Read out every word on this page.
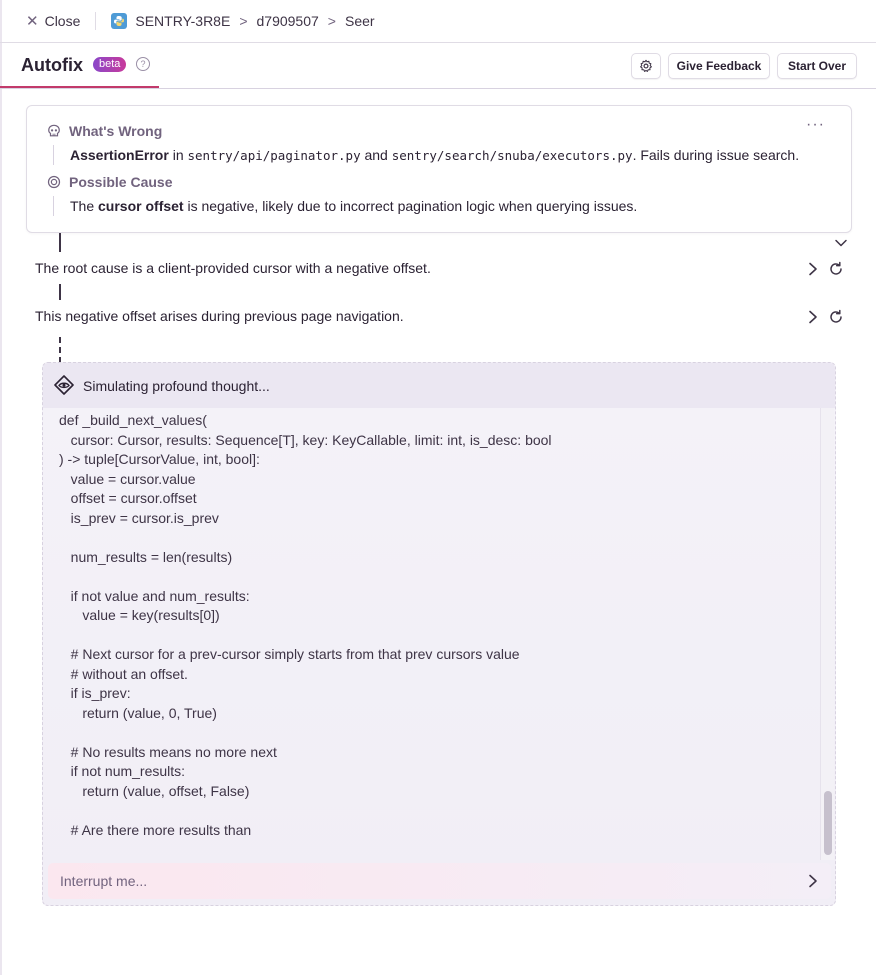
✕ Close	SENTRY-3R8E > d7909507 > Seer
Autofix	beta	?	Give Feedback	Start Over
···
What's Wrong
AssertionError in sentry/api/paginator.py and sentry/search/snuba/executors.py. Fails during issue search.
Possible Cause
The cursor offset is negative, likely due to incorrect pagination logic when querying issues.
The root cause is a client-provided cursor with a negative offset.
This negative offset arises during previous page navigation.
Simulating profound thought...
def _build_next_values(
cursor: Cursor, results: Sequence[T], key: KeyCallable, limit: int, is_desc: bool
) -> tuple[CursorValue, int, bool]:
value = cursor.value
offset = cursor.offset
is_prev = cursor.is_prev
num_results = len(results)
if not value and num_results:
value = key(results[0])
# Next cursor for a prev-cursor simply starts from that prev cursors value
# without an offset.
if is_prev:
return (value, 0, True)
# No results means no more next
if not num_results:
return (value, offset, False)
# Are there more results than
Interrupt me...
